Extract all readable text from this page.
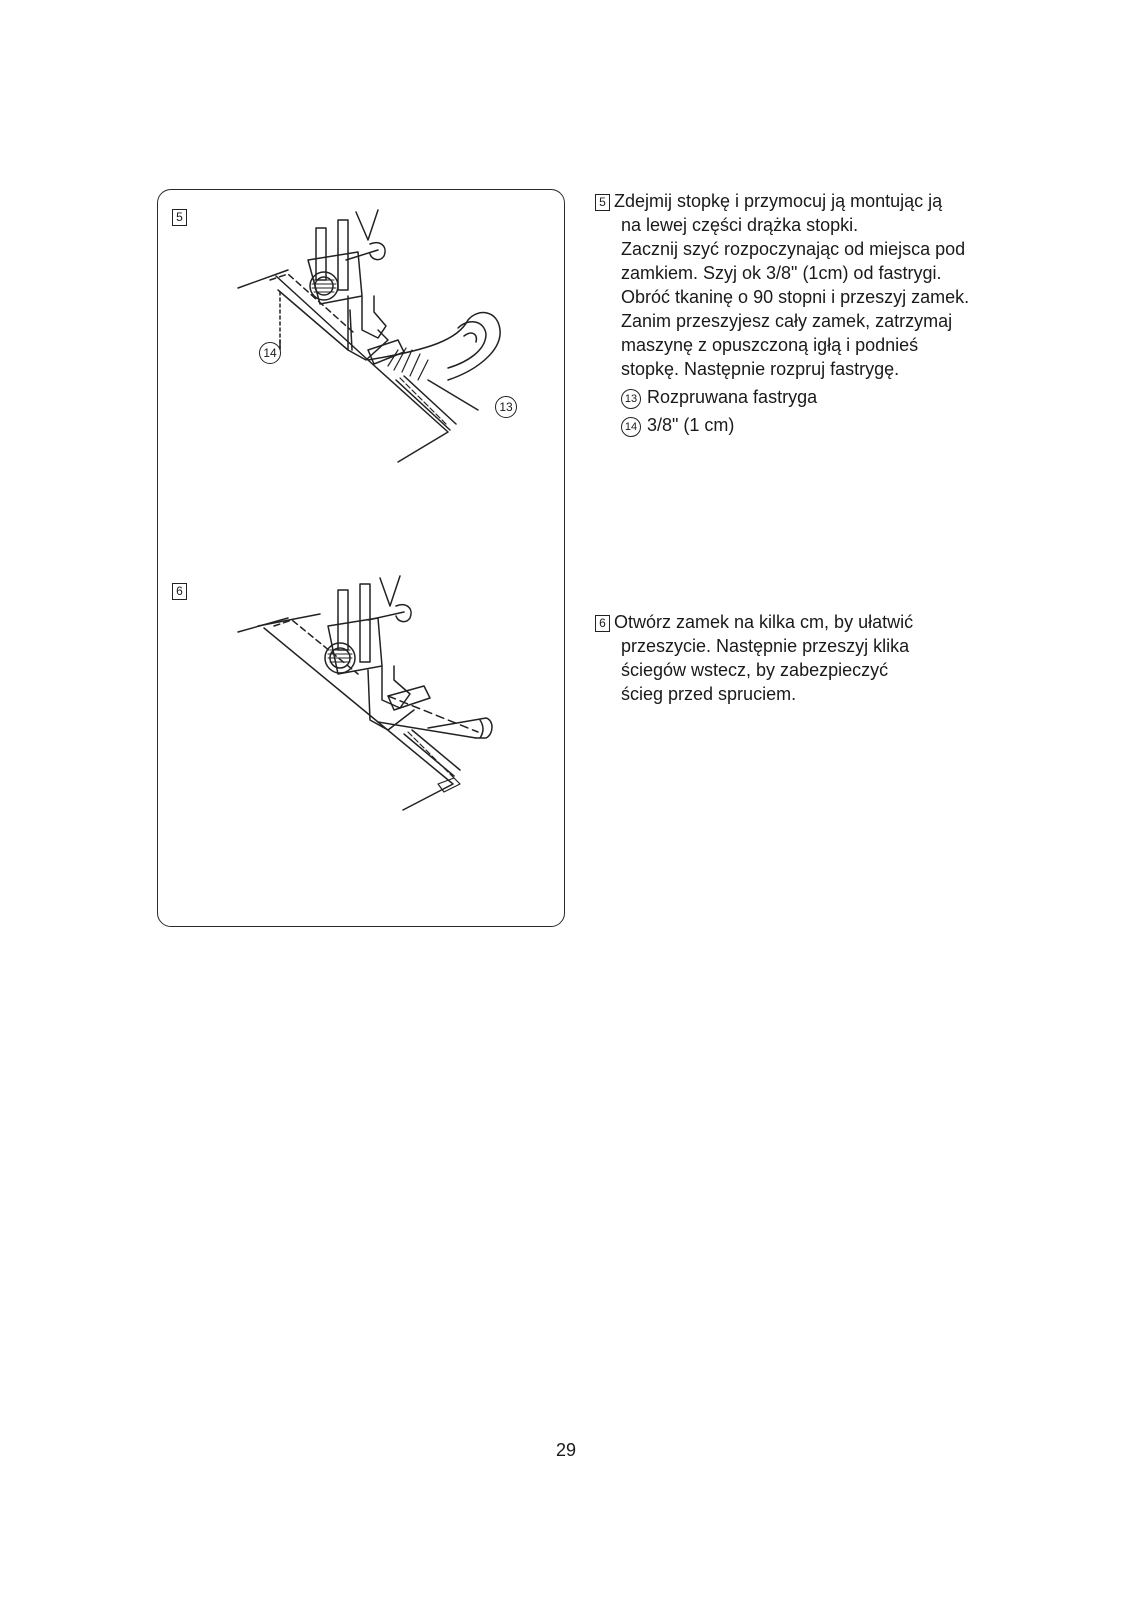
5
6
14
13

5 Zdejmij stopkę i przymocuj ją montując ją

na lewej części drążka stopki.

Zacznij szyć rozpoczynając od miejsca pod

zamkiem. Szyj ok 3/8" (1cm) od fastrygi.

Obróć tkaninę o 90 stopni i przeszyj zamek.

Zanim przeszyjesz cały zamek, zatrzymaj

maszynę z opuszczoną igłą i podnieś

stopkę. Następnie rozpruj fastrygę.

13 Rozpruwana fastryga
14 3/8" (1 cm)

6 Otwórz zamek na kilka cm, by ułatwić

przeszycie. Następnie przeszyj klika

ściegów wstecz, by zabezpieczyć

ścieg przed spruciem.

29
